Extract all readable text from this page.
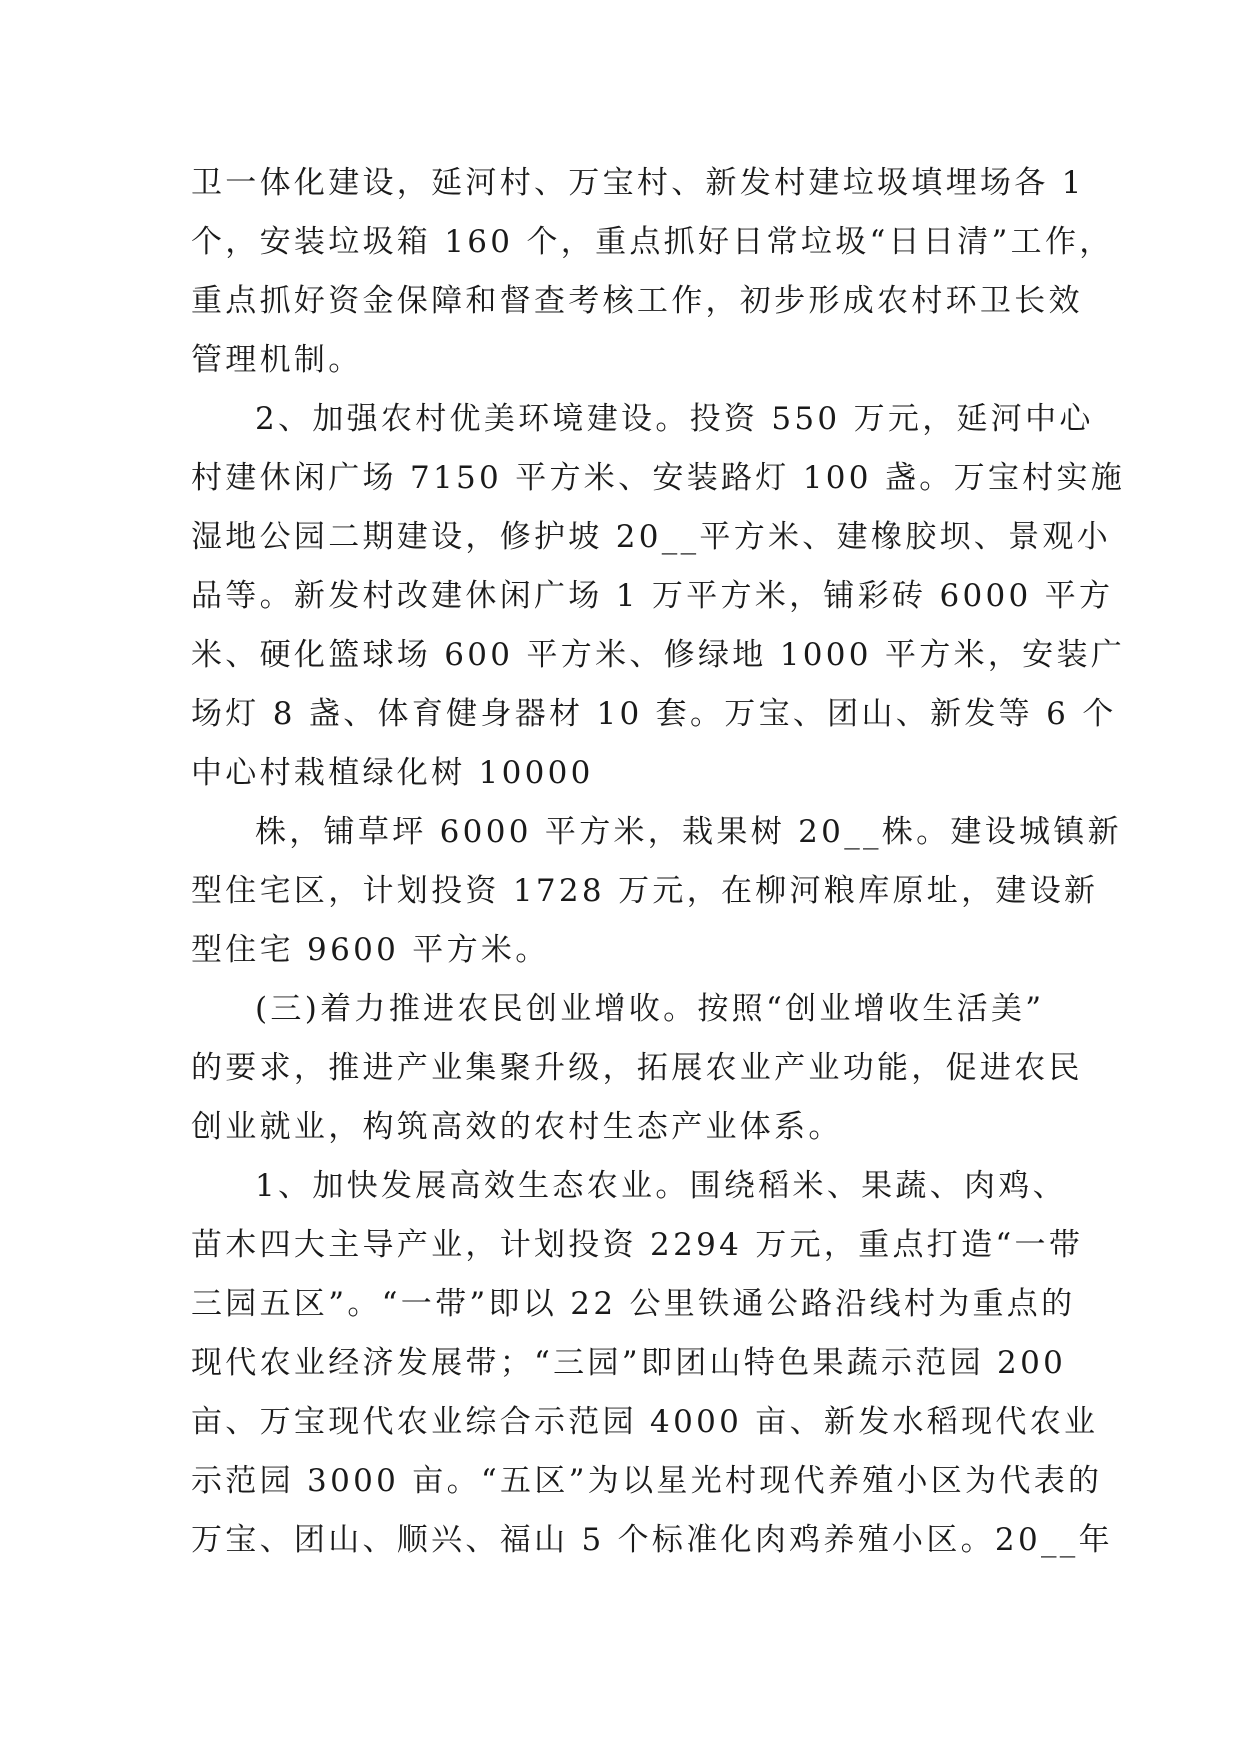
卫一体化建设，延河村、万宝村、新发村建垃圾填埋场各 1
个，安装垃圾箱 160 个，重点抓好日常垃圾“日日清”工作，
重点抓好资金保障和督查考核工作，初步形成农村环卫长效
管理机制。
2、加强农村优美环境建设。投资 550 万元，延河中心
村建休闲广场 7150 平方米、安装路灯 100 盏。万宝村实施
湿地公园二期建设，修护坡 20__平方米、建橡胶坝、景观小
品等。新发村改建休闲广场 1 万平方米，铺彩砖 6000 平方
米、硬化篮球场 600 平方米、修绿地 1000 平方米，安装广
场灯 8 盏、体育健身器材 10 套。万宝、团山、新发等 6 个
中心村栽植绿化树 10000
株，铺草坪 6000 平方米，栽果树 20__株。建设城镇新
型住宅区，计划投资 1728 万元，在柳河粮库原址，建设新
型住宅 9600 平方米。
(三)着力推进农民创业增收。按照“创业增收生活美”
的要求，推进产业集聚升级，拓展农业产业功能，促进农民
创业就业，构筑高效的农村生态产业体系。
1、加快发展高效生态农业。围绕稻米、果蔬、肉鸡、
苗木四大主导产业，计划投资 2294 万元，重点打造“一带
三园五区”。“一带”即以 22 公里铁通公路沿线村为重点的
现代农业经济发展带；“三园”即团山特色果蔬示范园 200
亩、万宝现代农业综合示范园 4000 亩、新发水稻现代农业
示范园 3000 亩。“五区”为以星光村现代养殖小区为代表的
万宝、团山、顺兴、福山 5 个标准化肉鸡养殖小区。20__年
